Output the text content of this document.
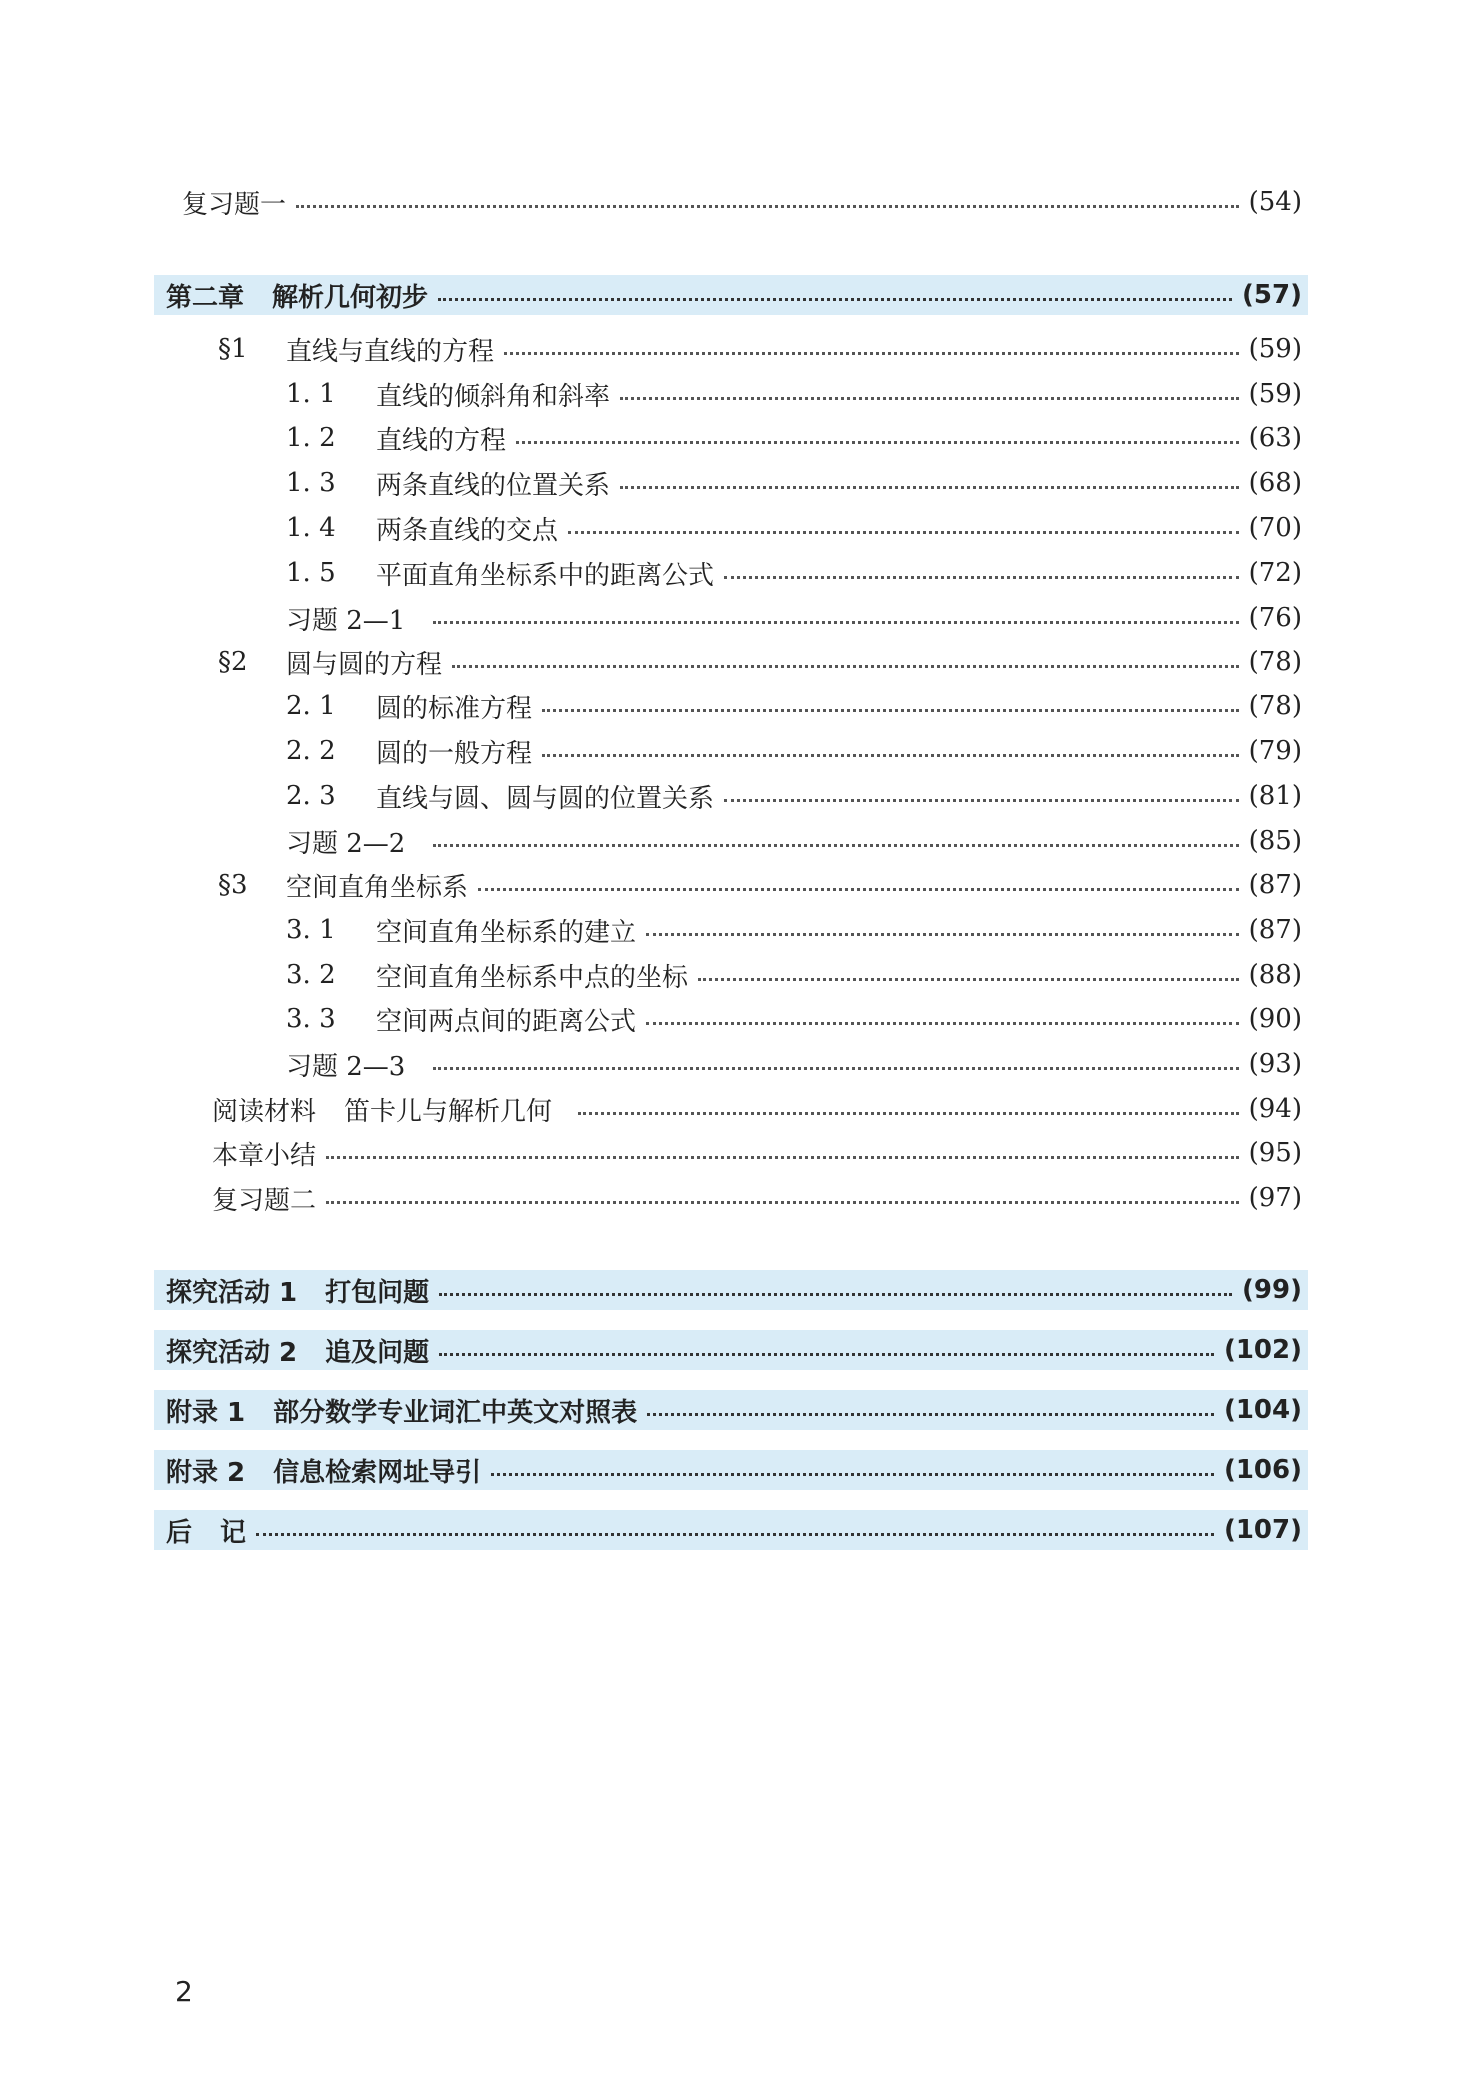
复习题一	(54)
第二章 解析几何初步	(57)
§1	直线与直线的方程	(59)
1. 1	直线的倾斜角和斜率	(59)
1. 2	直线的方程	(63)
1. 3	两条直线的位置关系	(68)
1. 4	两条直线的交点	(70)
1. 5	平面直角坐标系中的距离公式	(72)
习题 2—1	(76)
§2	圆与圆的方程	(78)
2. 1	圆的标准方程	(78)
2. 2	圆的一般方程	(79)
2. 3	直线与圆、圆与圆的位置关系	(81)
习题 2—2	(85)
§3	空间直角坐标系	(87)
3. 1	空间直角坐标系的建立	(87)
3. 2	空间直角坐标系中点的坐标	(88)
3. 3	空间两点间的距离公式	(90)
习题 2—3	(93)
阅读材料 笛卡儿与解析几何	(94)
本章小结	(95)
复习题二	(97)
探究活动 1 打包问题	(99)
探究活动 2 追及问题	(102)
附录 1 部分数学专业词汇中英文对照表	(104)
附录 2 信息检索网址导引	(106)
后 记	(107)
2
